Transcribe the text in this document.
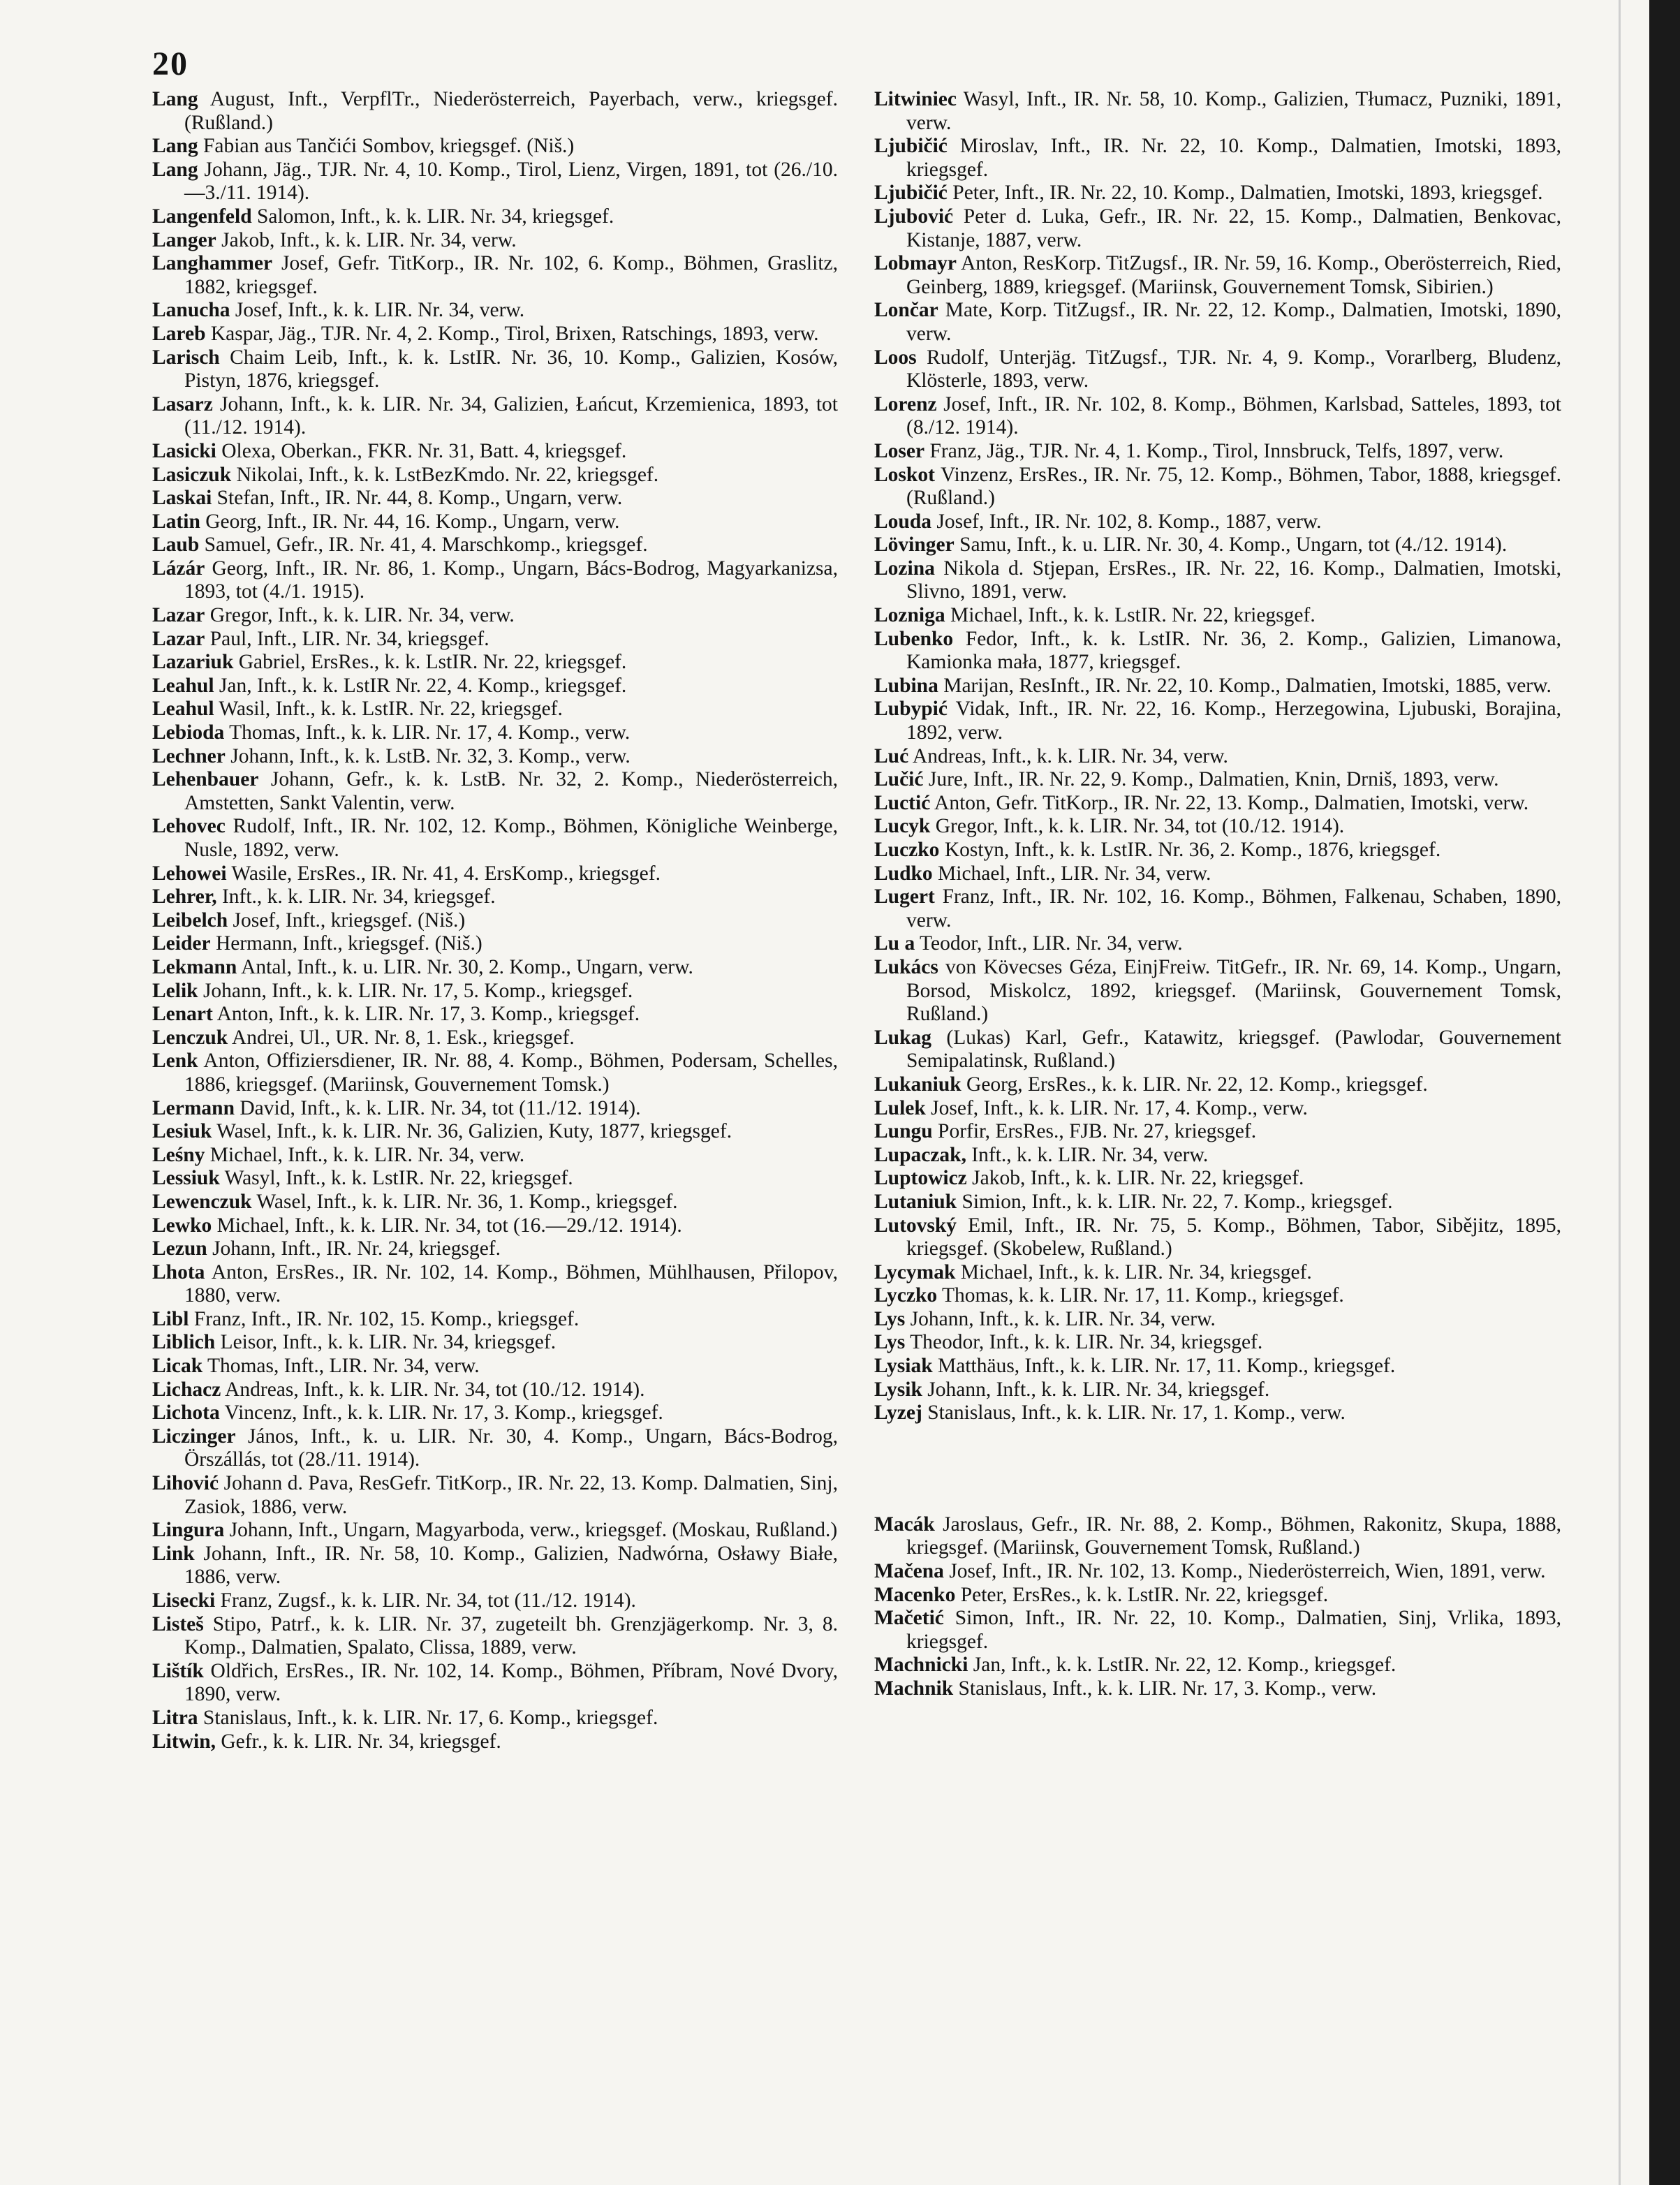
20

Lang August, Inft., VerpflTr., Niederösterreich, Payerbach, verw., kriegsgef. (Rußland.)

Lang Fabian aus Tančići Sombov, kriegsgef. (Niš.)

Lang Johann, Jäg., TJR. Nr. 4, 10. Komp., Tirol, Lienz, Virgen, 1891, tot (26./10.—3./11. 1914).

Langenfeld Salomon, Inft., k. k. LIR. Nr. 34, kriegsgef.

Langer Jakob, Inft., k. k. LIR. Nr. 34, verw.

Langhammer Josef, Gefr. TitKorp., IR. Nr. 102, 6. Komp., Böhmen, Graslitz, 1882, kriegsgef.

Lanucha Josef, Inft., k. k. LIR. Nr. 34, verw.

Lareb Kaspar, Jäg., TJR. Nr. 4, 2. Komp., Tirol, Brixen, Ratschings, 1893, verw.

Larisch Chaim Leib, Inft., k. k. LstIR. Nr. 36, 10. Komp., Galizien, Kosów, Pistyn, 1876, kriegsgef.

Lasarz Johann, Inft., k. k. LIR. Nr. 34, Galizien, Łańcut, Krzemienica, 1893, tot (11./12. 1914).

Lasicki Olexa, Oberkan., FKR. Nr. 31, Batt. 4, kriegsgef.

Lasiczuk Nikolai, Inft., k. k. LstBezKmdo. Nr. 22, kriegsgef.

Laskai Stefan, Inft., IR. Nr. 44, 8. Komp., Ungarn, verw.

Latin Georg, Inft., IR. Nr. 44, 16. Komp., Ungarn, verw.

Laub Samuel, Gefr., IR. Nr. 41, 4. Marschkomp., kriegsgef.

Lázár Georg, Inft., IR. Nr. 86, 1. Komp., Ungarn, Bács-Bodrog, Magyarkanizsa, 1893, tot (4./1. 1915).

Lazar Gregor, Inft., k. k. LIR. Nr. 34, verw.

Lazar Paul, Inft., LIR. Nr. 34, kriegsgef.

Lazariuk Gabriel, ErsRes., k. k. LstIR. Nr. 22, kriegsgef.

Leahul Jan, Inft., k. k. LstIR Nr. 22, 4. Komp., kriegsgef.

Leahul Wasil, Inft., k. k. LstIR. Nr. 22, kriegsgef.

Lebioda Thomas, Inft., k. k. LIR. Nr. 17, 4. Komp., verw.

Lechner Johann, Inft., k. k. LstB. Nr. 32, 3. Komp., verw.

Lehenbauer Johann, Gefr., k. k. LstB. Nr. 32, 2. Komp., Niederösterreich, Amstetten, Sankt Valentin, verw.

Lehovec Rudolf, Inft., IR. Nr. 102, 12. Komp., Böhmen, Königliche Weinberge, Nusle, 1892, verw.

Lehowei Wasile, ErsRes., IR. Nr. 41, 4. ErsKomp., kriegsgef.

Lehrer, Inft., k. k. LIR. Nr. 34, kriegsgef.

Leibelch Josef, Inft., kriegsgef. (Niš.)

Leider Hermann, Inft., kriegsgef. (Niš.)

Lekmann Antal, Inft., k. u. LIR. Nr. 30, 2. Komp., Ungarn, verw.

Lelik Johann, Inft., k. k. LIR. Nr. 17, 5. Komp., kriegsgef.

Lenart Anton, Inft., k. k. LIR. Nr. 17, 3. Komp., kriegsgef.

Lenczuk Andrei, Ul., UR. Nr. 8, 1. Esk., kriegsgef.

Lenk Anton, Offiziersdiener, IR. Nr. 88, 4. Komp., Böhmen, Podersam, Schelles, 1886, kriegsgef. (Mariinsk, Gouvernement Tomsk.)

Lermann David, Inft., k. k. LIR. Nr. 34, tot (11./12. 1914).

Lesiuk Wasel, Inft., k. k. LIR. Nr. 36, Galizien, Kuty, 1877, kriegsgef.

Leśny Michael, Inft., k. k. LIR. Nr. 34, verw.

Lessiuk Wasyl, Inft., k. k. LstIR. Nr. 22, kriegsgef.

Lewenczuk Wasel, Inft., k. k. LIR. Nr. 36, 1. Komp., kriegsgef.

Lewko Michael, Inft., k. k. LIR. Nr. 34, tot (16.—29./12. 1914).

Lezun Johann, Inft., IR. Nr. 24, kriegsgef.

Lhota Anton, ErsRes., IR. Nr. 102, 14. Komp., Böhmen, Mühlhausen, Přilopov, 1880, verw.

Libl Franz, Inft., IR. Nr. 102, 15. Komp., kriegsgef.

Liblich Leisor, Inft., k. k. LIR. Nr. 34, kriegsgef.

Licak Thomas, Inft., LIR. Nr. 34, verw.

Lichacz Andreas, Inft., k. k. LIR. Nr. 34, tot (10./12. 1914).

Lichota Vincenz, Inft., k. k. LIR. Nr. 17, 3. Komp., kriegsgef.

Liczinger János, Inft., k. u. LIR. Nr. 30, 4. Komp., Ungarn, Bács-Bodrog, Örszállás, tot (28./11. 1914).

Lihović Johann d. Pava, ResGefr. TitKorp., IR. Nr. 22, 13. Komp. Dalmatien, Sinj, Zasiok, 1886, verw.

Lingura Johann, Inft., Ungarn, Magyarboda, verw., kriegsgef. (Moskau, Rußland.)

Link Johann, Inft., IR. Nr. 58, 10. Komp., Galizien, Nadwórna, Osławy Białe, 1886, verw.

Lisecki Franz, Zugsf., k. k. LIR. Nr. 34, tot (11./12. 1914).

Listeš Stipo, Patrf., k. k. LIR. Nr. 37, zugeteilt bh. Grenzjägerkomp. Nr. 3, 8. Komp., Dalmatien, Spalato, Clissa, 1889, verw.

Lištík Oldřich, ErsRes., IR. Nr. 102, 14. Komp., Böhmen, Příbram, Nové Dvory, 1890, verw.

Litra Stanislaus, Inft., k. k. LIR. Nr. 17, 6. Komp., kriegsgef.

Litwin, Gefr., k. k. LIR. Nr. 34, kriegsgef.

Litwiniec Wasyl, Inft., IR. Nr. 58, 10. Komp., Galizien, Tłumacz, Puzniki, 1891, verw.

Ljubičić Miroslav, Inft., IR. Nr. 22, 10. Komp., Dalmatien, Imotski, 1893, kriegsgef.

Ljubičić Peter, Inft., IR. Nr. 22, 10. Komp., Dalmatien, Imotski, 1893, kriegsgef.

Ljubović Peter d. Luka, Gefr., IR. Nr. 22, 15. Komp., Dalmatien, Benkovac, Kistanje, 1887, verw.

Lobmayr Anton, ResKorp. TitZugsf., IR. Nr. 59, 16. Komp., Oberösterreich, Ried, Geinberg, 1889, kriegsgef. (Mariinsk, Gouvernement Tomsk, Sibirien.)

Lončar Mate, Korp. TitZugsf., IR. Nr. 22, 12. Komp., Dalmatien, Imotski, 1890, verw.

Loos Rudolf, Unterjäg. TitZugsf., TJR. Nr. 4, 9. Komp., Vorarlberg, Bludenz, Klösterle, 1893, verw.

Lorenz Josef, Inft., IR. Nr. 102, 8. Komp., Böhmen, Karlsbad, Satteles, 1893, tot (8./12. 1914).

Loser Franz, Jäg., TJR. Nr. 4, 1. Komp., Tirol, Innsbruck, Telfs, 1897, verw.

Loskot Vinzenz, ErsRes., IR. Nr. 75, 12. Komp., Böhmen, Tabor, 1888, kriegsgef. (Rußland.)

Louda Josef, Inft., IR. Nr. 102, 8. Komp., 1887, verw.

Lövinger Samu, Inft., k. u. LIR. Nr. 30, 4. Komp., Ungarn, tot (4./12. 1914).

Lozina Nikola d. Stjepan, ErsRes., IR. Nr. 22, 16. Komp., Dalmatien, Imotski, Slivno, 1891, verw.

Lozniga Michael, Inft., k. k. LstIR. Nr. 22, kriegsgef.

Lubenko Fedor, Inft., k. k. LstIR. Nr. 36, 2. Komp., Galizien, Limanowa, Kamionka mała, 1877, kriegsgef.

Lubina Marijan, ResInft., IR. Nr. 22, 10. Komp., Dalmatien, Imotski, 1885, verw.

Lubурić Vidak, Inft., IR. Nr. 22, 16. Komp., Herzegowina, Ljubuski, Borajina, 1892, verw.

Luć Andreas, Inft., k. k. LIR. Nr. 34, verw.

Lučić Jure, Inft., IR. Nr. 22, 9. Komp., Dalmatien, Knin, Drniš, 1893, verw.

Luctić Anton, Gefr. TitKorp., IR. Nr. 22, 13. Komp., Dalmatien, Imotski, verw.

Lucyk Gregor, Inft., k. k. LIR. Nr. 34, tot (10./12. 1914).

Luczko Kostyn, Inft., k. k. LstIR. Nr. 36, 2. Komp., 1876, kriegsgef.

Ludko Michael, Inft., LIR. Nr. 34, verw.

Lugert Franz, Inft., IR. Nr. 102, 16. Komp., Böhmen, Falkenau, Schaben, 1890, verw.

Lu a Teodor, Inft., LIR. Nr. 34, verw.

Lukács von Kövecses Géza, EinjFreiw. TitGefr., IR. Nr. 69, 14. Komp., Ungarn, Borsod, Miskolcz, 1892, kriegsgef. (Mariinsk, Gouvernement Tomsk, Rußland.)

Lukag (Lukas) Karl, Gefr., Katawitz, kriegsgef. (Pawlodar, Gouvernement Semipalatinsk, Rußland.)

Lukaniuk Georg, ErsRes., k. k. LIR. Nr. 22, 12. Komp., kriegsgef.

Lulek Josef, Inft., k. k. LIR. Nr. 17, 4. Komp., verw.

Lungu Porfir, ErsRes., FJB. Nr. 27, kriegsgef.

Lupaczak, Inft., k. k. LIR. Nr. 34, verw.

Luptowicz Jakob, Inft., k. k. LIR. Nr. 22, kriegsgef.

Lutaniuk Simion, Inft., k. k. LIR. Nr. 22, 7. Komp., kriegsgef.

Lutovský Emil, Inft., IR. Nr. 75, 5. Komp., Böhmen, Tabor, Sibějitz, 1895, kriegsgef. (Skobelew, Rußland.)

Lycymak Michael, Inft., k. k. LIR. Nr. 34, kriegsgef.

Lyczko Thomas, k. k. LIR. Nr. 17, 11. Komp., kriegsgef.

Lys Johann, Inft., k. k. LIR. Nr. 34, verw.

Lys Theodor, Inft., k. k. LIR. Nr. 34, kriegsgef.

Lysiak Matthäus, Inft., k. k. LIR. Nr. 17, 11. Komp., kriegsgef.

Lysik Johann, Inft., k. k. LIR. Nr. 34, kriegsgef.

Lyzej Stanislaus, Inft., k. k. LIR. Nr. 17, 1. Komp., verw.

Macák Jaroslaus, Gefr., IR. Nr. 88, 2. Komp., Böhmen, Rakonitz, Skupa, 1888, kriegsgef. (Mariinsk, Gouvernement Tomsk, Rußland.)

Mačena Josef, Inft., IR. Nr. 102, 13. Komp., Niederösterreich, Wien, 1891, verw.

Macenko Peter, ErsRes., k. k. LstIR. Nr. 22, kriegsgef.

Mačetić Simon, Inft., IR. Nr. 22, 10. Komp., Dalmatien, Sinj, Vrlika, 1893, kriegsgef.

Machnicki Jan, Inft., k. k. LstIR. Nr. 22, 12. Komp., kriegsgef.

Machnik Stanislaus, Inft., k. k. LIR. Nr. 17, 3. Komp., verw.
